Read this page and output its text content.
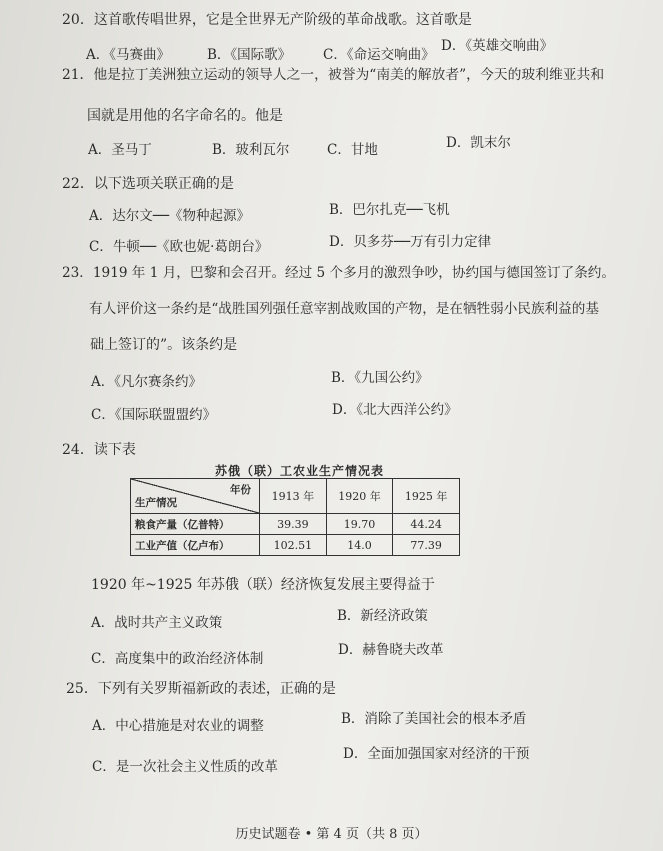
20．这首歌传唱世界，它是全世界无产阶级的革命战歌。这首歌是
A．《马赛曲》	B．《国际歌》 C．《命运交响曲》
D．《英雄交响曲》
21．他是拉丁美洲独立运动的领导人之一，被誉为“南美的解放者”，今天的玻利维亚共和
国就是用他的名字命名的。他是
A．圣马丁	B．玻利瓦尔	C．甘地	D．凯末尔
22．以下选项关联正确的是
A．达尔文──《物种起源》	B．巴尔扎克──飞机
C．牛顿──《欧也妮·葛朗台》	D．贝多芬──万有引力定律
23．1919 年 1 月，巴黎和会召开。经过 5 个多月的激烈争吵，协约国与德国签订了条约。
有人评价这一条约是“战胜国列强任意宰割战败国的产物，是在牺牲弱小民族利益的基
础上签订的”。该条约是
A．《凡尔赛条约》	B．《九国公约》
C．《国际联盟盟约》	D．《北大西洋公约》
24．读下表
苏俄（联）工农业生产情况表
年份
生产情况	1913 年	1920 年	1925 年
粮食产量（亿普特）	39.39	19.70	44.24
工业产值（亿卢布）	102.51	14.0	77.39
1920 年~1925 年苏俄（联）经济恢复发展主要得益于
A．战时共产主义政策	B．新经济政策
C．高度集中的政治经济体制
D．赫鲁晓夫改革
25．下列有关罗斯福新政的表述，正确的是
A．中心措施是对农业的调整	B．消除了美国社会的根本矛盾
C．是一次社会主义性质的改革
D．全面加强国家对经济的干预
历史试题卷 • 第 4 页（共 8 页）
